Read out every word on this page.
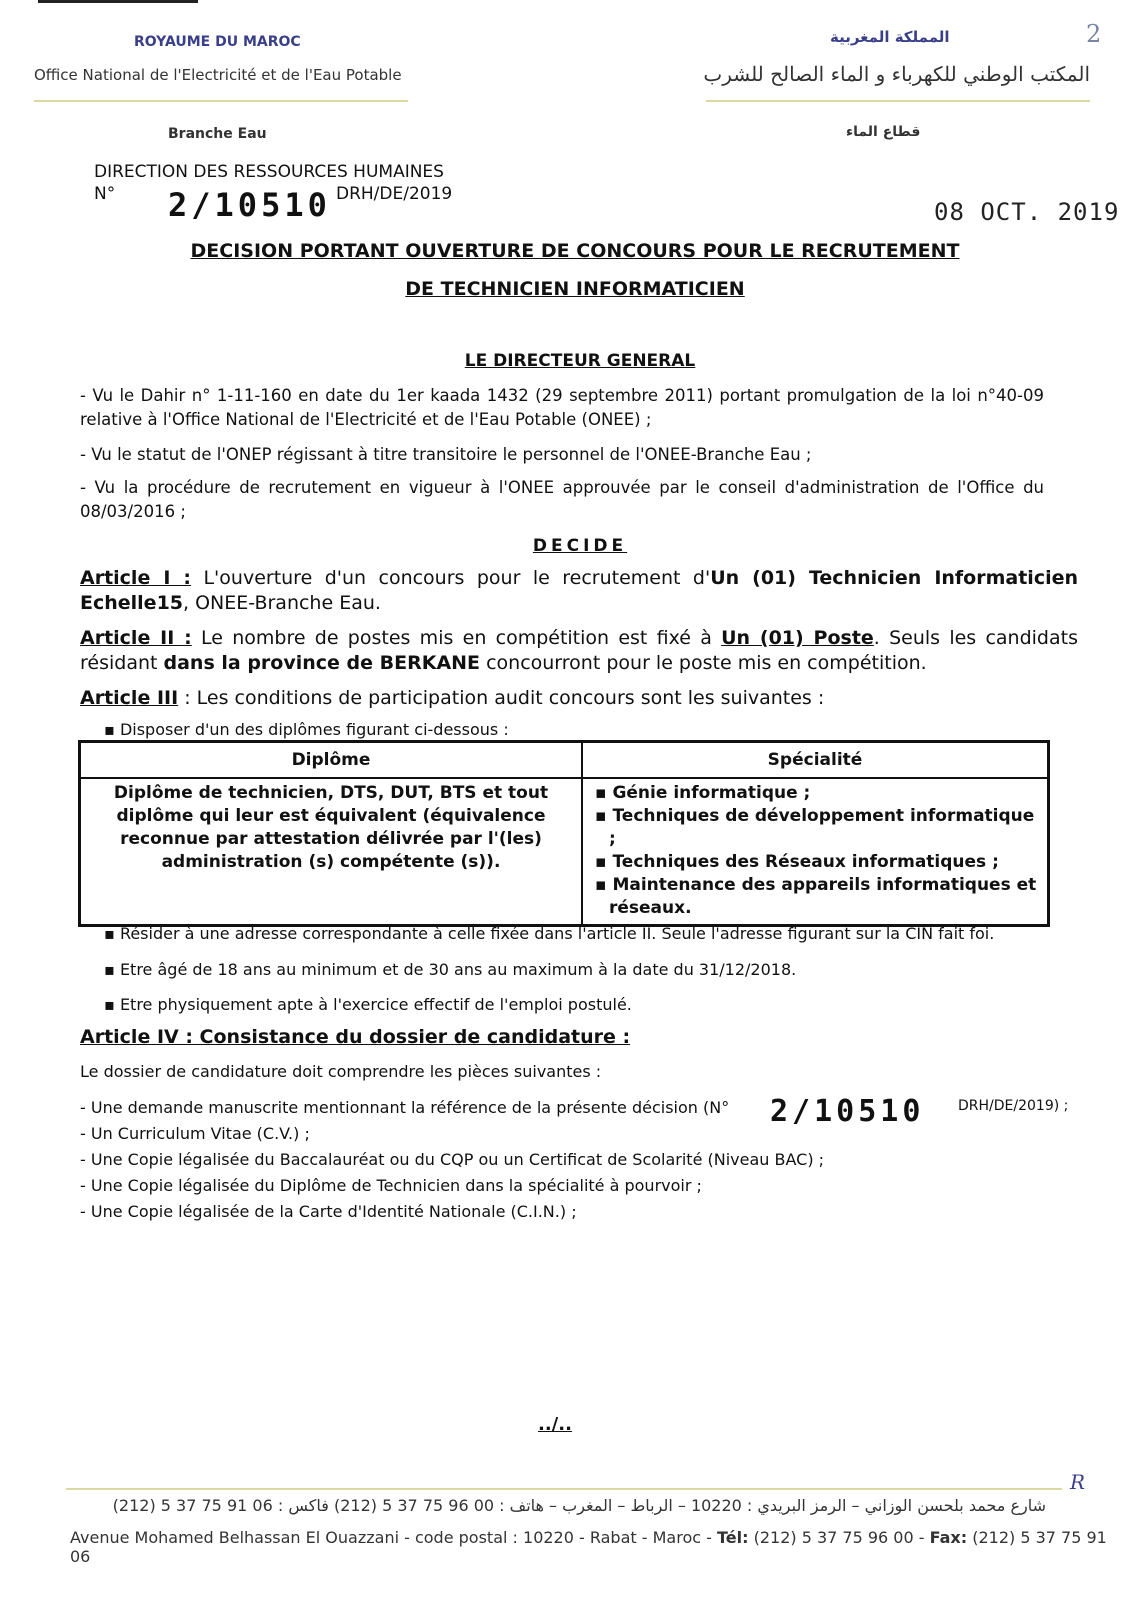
ROYAUME DU MAROC
Office National de l'Electricité et de l'Eau Potable
المملكة المغربية
المكتب الوطني للكهرباء و الماء الصالح للشرب
2
Branche Eau	قطاع الماء
DIRECTION DES RESSOURCES HUMAINES
N° 2/10510 DRH/DE/2019
08 OCT. 2019
DECISION PORTANT OUVERTURE DE CONCOURS POUR LE RECRUTEMENT
DE TECHNICIEN INFORMATICIEN
LE DIRECTEUR GENERAL
- Vu le Dahir n° 1-11-160 en date du 1er kaada 1432 (29 septembre 2011) portant promulgation de la loi n°40-09 relative à l'Office National de l'Electricité et de l'Eau Potable (ONEE) ;
- Vu le statut de l'ONEP régissant à titre transitoire le personnel de l'ONEE-Branche Eau ;
- Vu la procédure de recrutement en vigueur à l'ONEE approuvée par le conseil d'administration de l'Office du 08/03/2016 ;
DECIDE
Article I : L'ouverture d'un concours pour le recrutement d'Un (01) Technicien Informaticien Echelle15, ONEE-Branche Eau.
Article II : Le nombre de postes mis en compétition est fixé à Un (01) Poste. Seuls les candidats résidant dans la province de BERKANE concourront pour le poste mis en compétition.
Article III : Les conditions de participation audit concours sont les suivantes :
▪ Disposer d'un des diplômes figurant ci-dessous :
Diplôme	Spécialité
Diplôme de technicien, DTS, DUT, BTS et tout diplôme qui leur est équivalent (équivalence reconnue par attestation délivrée par l'(les) administration (s) compétente (s)).	▪ Génie informatique ;
▪ Techniques de développement informatique ;
▪ Techniques des Réseaux informatiques ;
▪ Maintenance des appareils informatiques et réseaux.
▪ Résider à une adresse correspondante à celle fixée dans l'article II. Seule l'adresse figurant sur la CIN fait foi.
▪ Etre âgé de 18 ans au minimum et de 30 ans au maximum à la date du 31/12/2018.
▪ Etre physiquement apte à l'exercice effectif de l'emploi postulé.
Article IV : Consistance du dossier de candidature :
Le dossier de candidature doit comprendre les pièces suivantes :
- Une demande manuscrite mentionnant la référence de la présente décision (N° 2/10510 DRH/DE/2019) ;
- Un Curriculum Vitae (C.V.) ;
- Une Copie légalisée du Baccalauréat ou du CQP ou un Certificat de Scolarité (Niveau BAC) ;
- Une Copie légalisée du Diplôme de Technicien dans la spécialité à pourvoir ;
- Une Copie légalisée de la Carte d'Identité Nationale (C.I.N.) ;
../..
R
شارع محمد بلحسن الوزاني – الرمز البريدي : 10220 – الرباط – المغرب – هاتف : 00 96 75 37 5 (212) فاكس : 06 91 75 37 5 (212)
Avenue Mohamed Belhassan El Ouazzani - code postal : 10220 - Rabat - Maroc - Tél: (212) 5 37 75 96 00 - Fax: (212) 5 37 75 91 06
